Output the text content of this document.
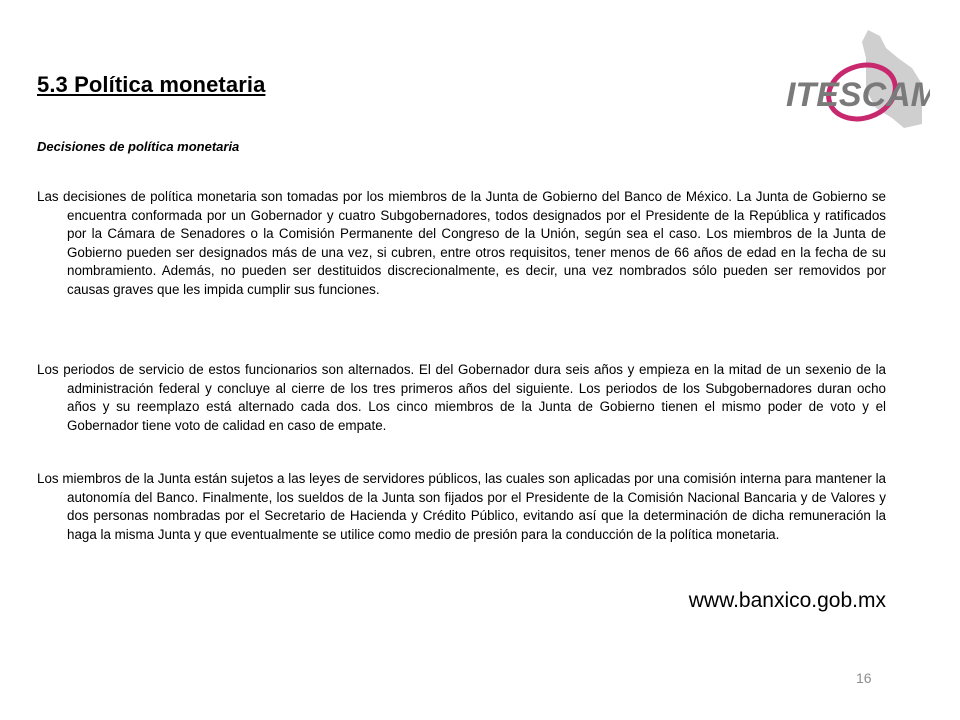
ITESCAM
5.3 Política monetaria
Decisiones de política monetaria

Las decisiones de política monetaria son tomadas por los miembros de la Junta de Gobierno del Banco de México. La Junta de Gobierno se encuentra conformada por un Gobernador y cuatro Subgobernadores, todos designados por el Presidente de la República y ratificados por la Cámara de Senadores o la Comisión Permanente del Congreso de la Unión, según sea el caso. Los miembros de la Junta de Gobierno pueden ser designados más de una vez, si cubren, entre otros requisitos, tener menos de 66 años de edad en la fecha de su nombramiento. Además, no pueden ser destituidos discrecionalmente, es decir, una vez nombrados sólo pueden ser removidos por causas graves que les impida cumplir sus funciones.

Los periodos de servicio de estos funcionarios son alternados. El del Gobernador dura seis años y empieza en la mitad de un sexenio de la administración federal y concluye al cierre de los tres primeros años del siguiente. Los periodos de los Subgobernadores duran ocho años y su reemplazo está alternado cada dos. Los cinco miembros de la Junta de Gobierno tienen el mismo poder de voto y el Gobernador tiene voto de calidad en caso de empate.

Los miembros de la Junta están sujetos a las leyes de servidores públicos, las cuales son aplicadas por una comisión interna para mantener la autonomía del Banco. Finalmente, los sueldos de la Junta son fijados por el Presidente de la Comisión Nacional Bancaria y de Valores y dos personas nombradas por el Secretario de Hacienda y Crédito Público, evitando así que la determinación de dicha remuneración la haga la misma Junta y que eventualmente se utilice como medio de presión para la conducción de la política monetaria.

www.banxico.gob.mx
16
